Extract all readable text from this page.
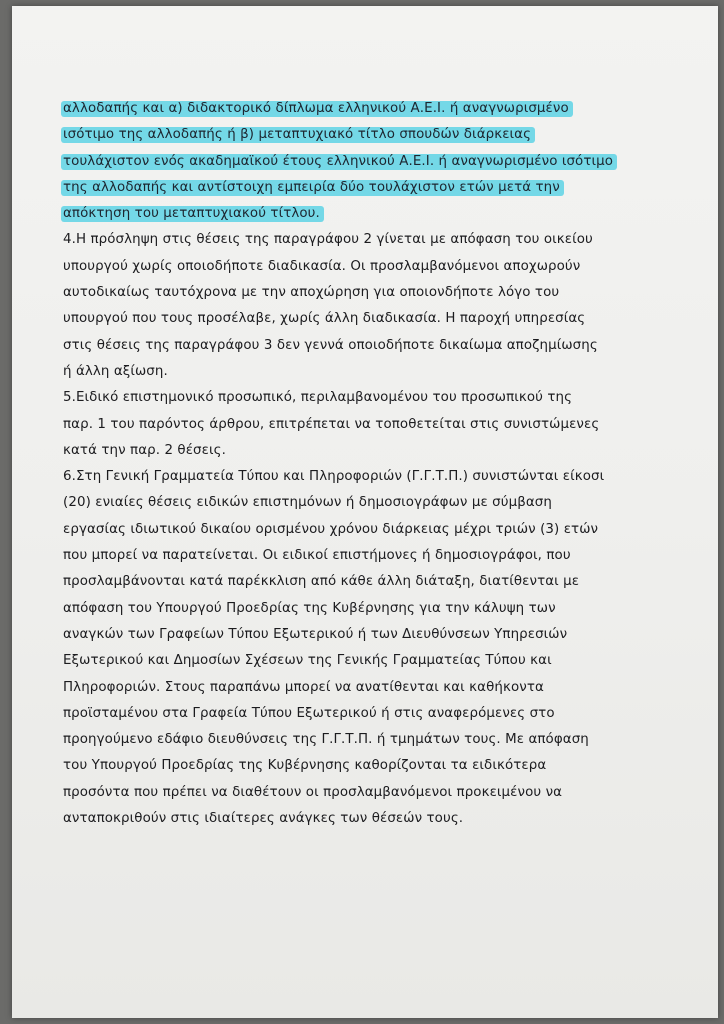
αλλοδαπής και α) διδακτορικό δίπλωμα ελληνικού Α.Ε.Ι. ή αναγνωρισμένο
ισότιμο της αλλοδαπής ή β) μεταπτυχιακό τίτλο σπουδών διάρκειας
τουλάχιστον ενός ακαδημαϊκού έτους ελληνικού Α.Ε.Ι. ή αναγνωρισμένο ισότιμο
της αλλοδαπής και αντίστοιχη εμπειρία δύο τουλάχιστον ετών μετά την
απόκτηση του μεταπτυχιακού τίτλου.
4.Η πρόσληψη στις θέσεις της παραγράφου 2 γίνεται με απόφαση του οικείου
υπουργού χωρίς οποιοδήποτε διαδικασία. Οι προσλαμβανόμενοι αποχωρούν
αυτοδικαίως ταυτόχρονα με την αποχώρηση για οποιονδήποτε λόγο του
υπουργού που τους προσέλαβε, χωρίς άλλη διαδικασία. Η παροχή υπηρεσίας
στις θέσεις της παραγράφου 3 δεν γεννά οποιοδήποτε δικαίωμα αποζημίωσης
ή άλλη αξίωση.
5.Ειδικό επιστημονικό προσωπικό, περιλαμβανομένου του προσωπικού της
παρ. 1 του παρόντος άρθρου, επιτρέπεται να τοποθετείται στις συνιστώμενες
κατά την παρ. 2 θέσεις.
6.Στη Γενική Γραμματεία Τύπου και Πληροφοριών (Γ.Γ.Τ.Π.) συνιστώνται είκοσι
(20) ενιαίες θέσεις ειδικών επιστημόνων ή δημοσιογράφων με σύμβαση
εργασίας ιδιωτικού δικαίου ορισμένου χρόνου διάρκειας μέχρι τριών (3) ετών
που μπορεί να παρατείνεται. Οι ειδικοί επιστήμονες ή δημοσιογράφοι, που
προσλαμβάνονται κατά παρέκκλιση από κάθε άλλη διάταξη, διατίθενται με
απόφαση του Υπουργού Προεδρίας της Κυβέρνησης για την κάλυψη των
αναγκών των Γραφείων Τύπου Εξωτερικού ή των Διευθύνσεων Υπηρεσιών
Εξωτερικού και Δημοσίων Σχέσεων της Γενικής Γραμματείας Τύπου και
Πληροφοριών. Στους παραπάνω μπορεί να ανατίθενται και καθήκοντα
προϊσταμένου στα Γραφεία Τύπου Εξωτερικού ή στις αναφερόμενες στο
προηγούμενο εδάφιο διευθύνσεις της Γ.Γ.Τ.Π. ή τμημάτων τους. Με απόφαση
του Υπουργού Προεδρίας της Κυβέρνησης καθορίζονται τα ειδικότερα
προσόντα που πρέπει να διαθέτουν οι προσλαμβανόμενοι προκειμένου να
ανταποκριθούν στις ιδιαίτερες ανάγκες των θέσεών τους.
